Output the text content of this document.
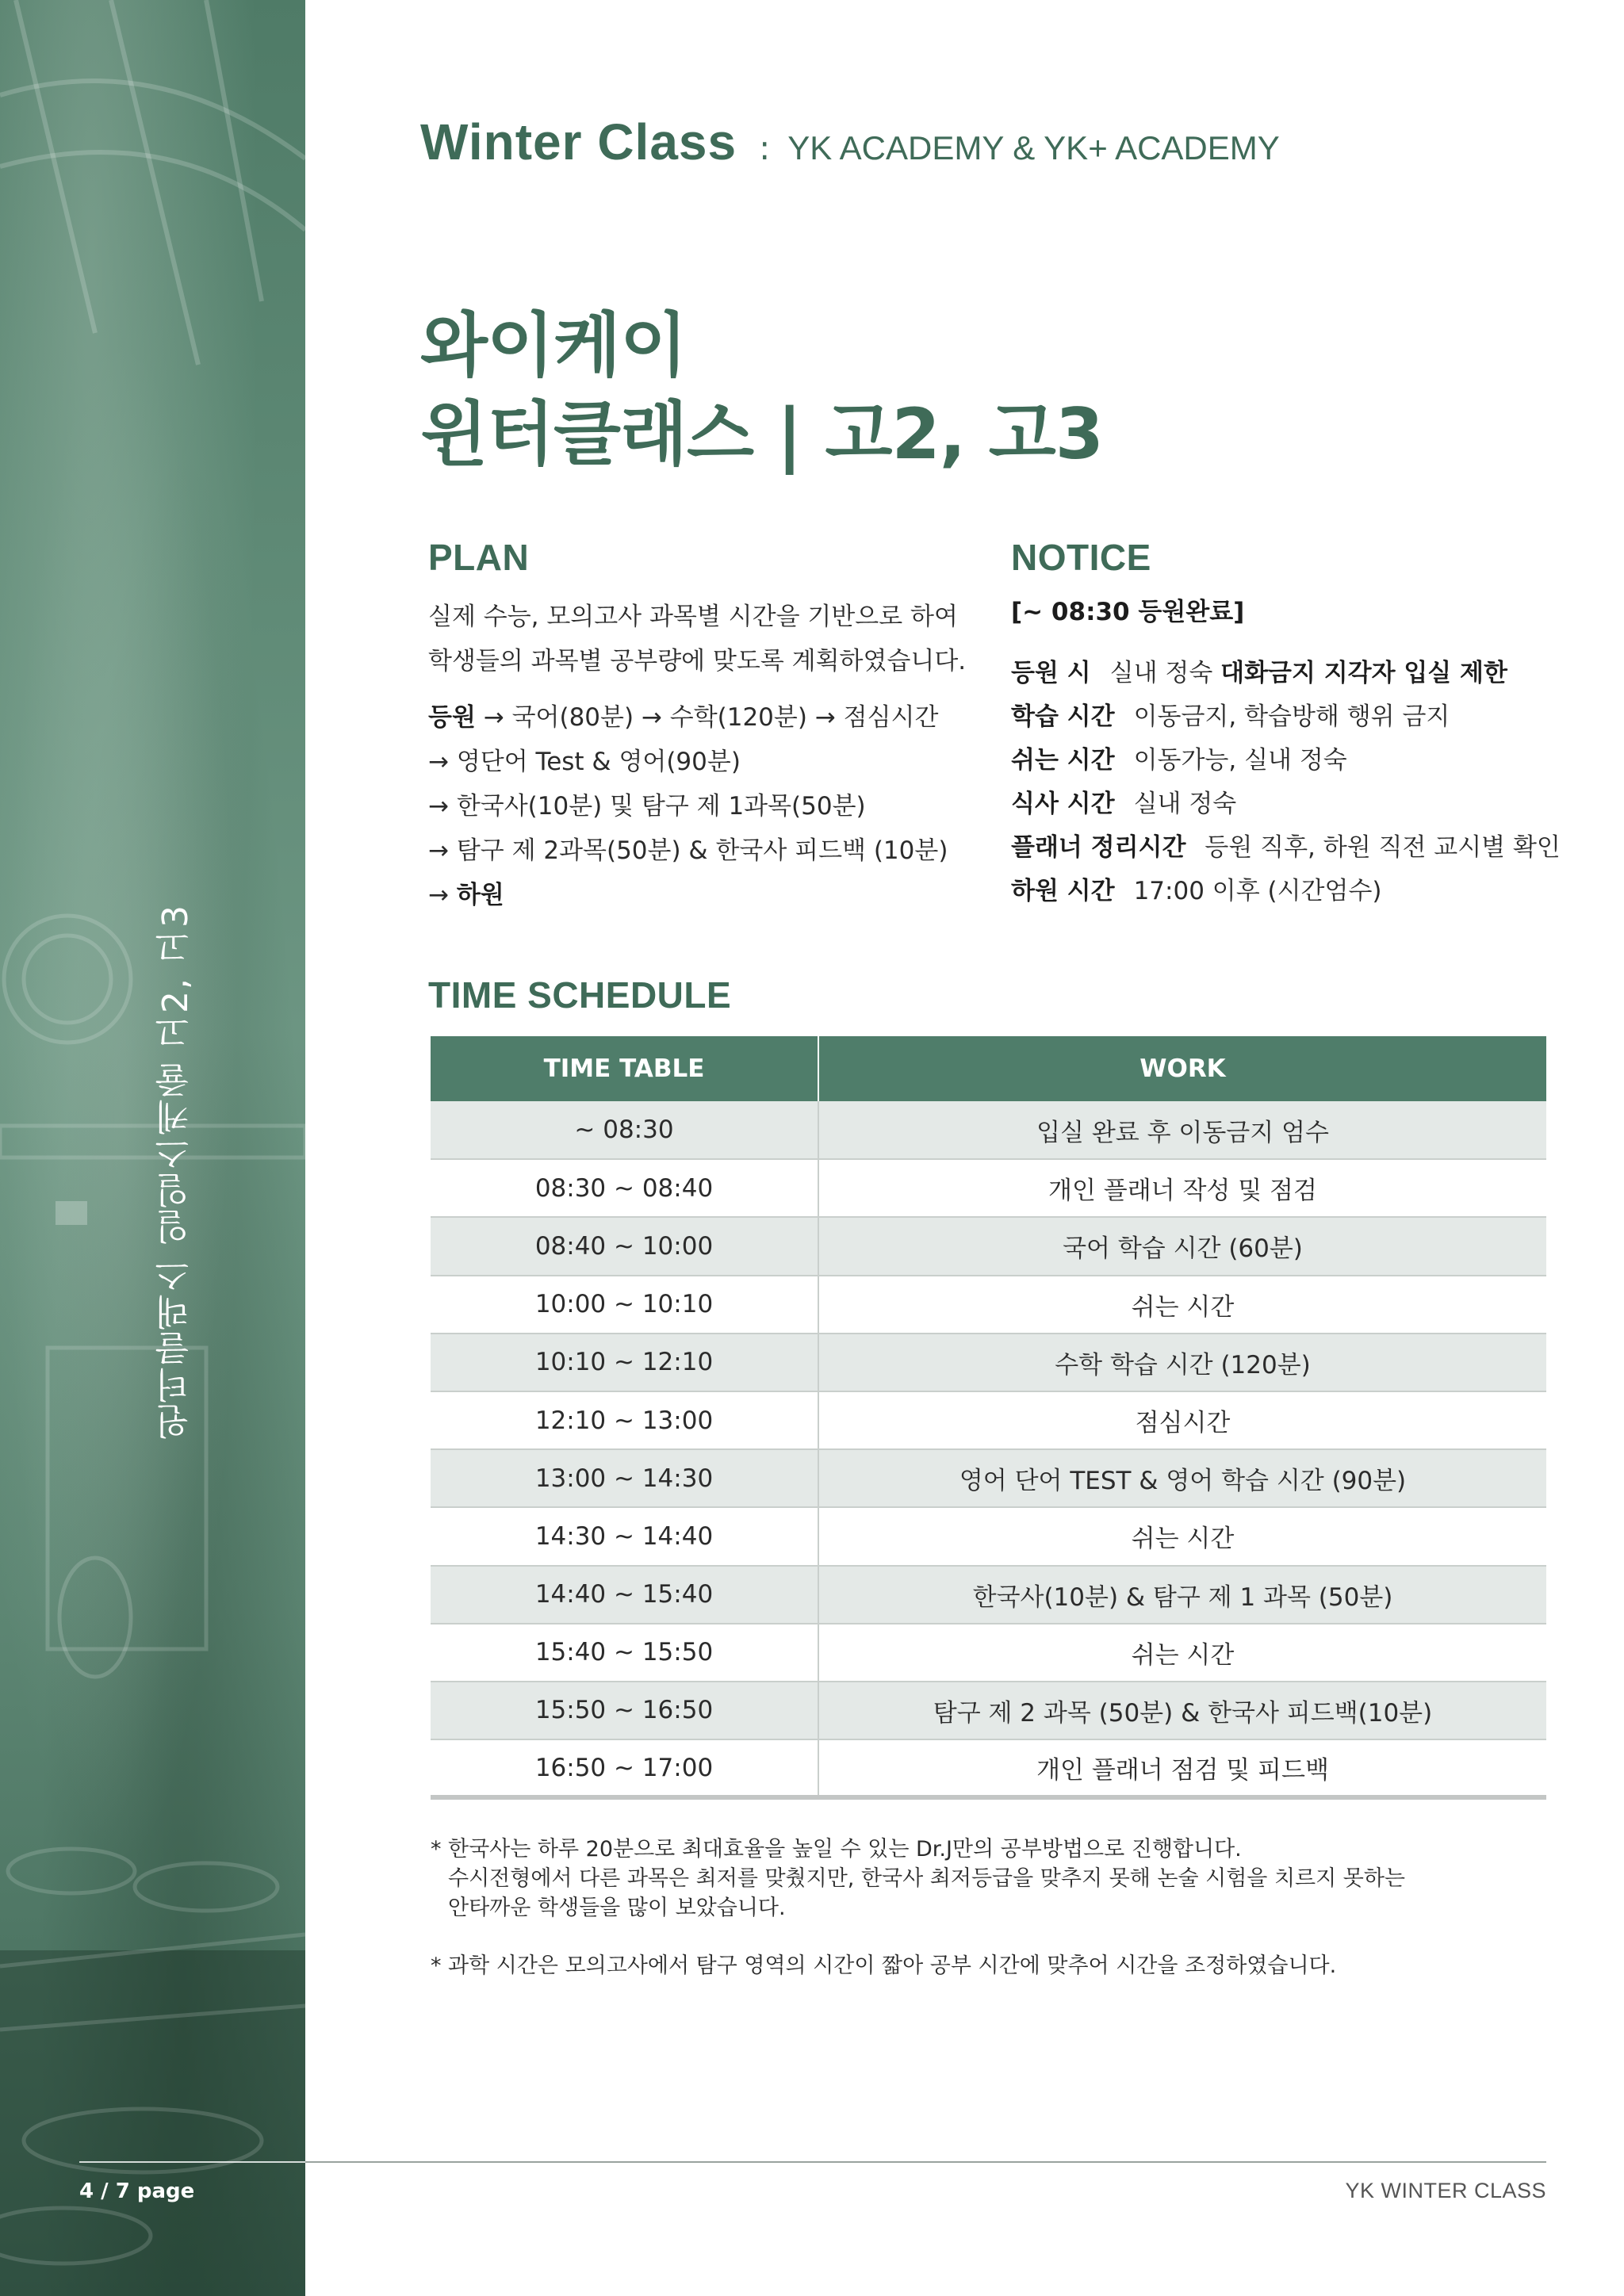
윈터클래스 일일스케쥴 고2, 고3
4 / 7 page
Winter Class : YK ACADEMY & YK+ ACADEMY
와이케이
윈터클래스 | 고2, 고3
PLAN
실제 수능, 모의고사 과목별 시간을 기반으로 하여
학생들의 과목별 공부량에 맞도록 계획하였습니다.
등원 → 국어(80분) → 수학(120분) → 점심시간
→ 영단어 Test & 영어(90분)
→ 한국사(10분) 및 탐구 제 1과목(50분)
→ 탐구 제 2과목(50분) & 한국사 피드백 (10분)
→ 하원
NOTICE
[~ 08:30 등원완료]
등원 시 실내 정숙 대화금지 지각자 입실 제한
학습 시간 이동금지, 학습방해 행위 금지
쉬는 시간 이동가능, 실내 정숙
식사 시간 실내 정숙
플래너 정리시간 등원 직후, 하원 직전 교시별 확인
하원 시간 17:00 이후 (시간엄수)
TIME SCHEDULE
TIME TABLE	WORK
~ 08:30	입실 완료 후 이동금지 엄수
08:30 ~ 08:40	개인 플래너 작성 및 점검
08:40 ~ 10:00	국어 학습 시간 (60분)
10:00 ~ 10:10	쉬는 시간
10:10 ~ 12:10	수학 학습 시간 (120분)
12:10 ~ 13:00	점심시간
13:00 ~ 14:30	영어 단어 TEST & 영어 학습 시간 (90분)
14:30 ~ 14:40	쉬는 시간
14:40 ~ 15:40	한국사(10분) & 탐구 제 1 과목 (50분)
15:40 ~ 15:50	쉬는 시간
15:50 ~ 16:50	탐구 제 2 과목 (50분) & 한국사 피드백(10분)
16:50 ~ 17:00	개인 플래너 점검 및 피드백
* 한국사는 하루 20분으로 최대효율을 높일 수 있는 Dr.J만의 공부방법으로 진행합니다.
수시전형에서 다른 과목은 최저를 맞췄지만, 한국사 최저등급을 맞추지 못해 논술 시험을 치르지 못하는
안타까운 학생들을 많이 보았습니다.
* 과학 시간은 모의고사에서 탐구 영역의 시간이 짧아 공부 시간에 맞추어 시간을 조정하였습니다.
YK WINTER CLASS
